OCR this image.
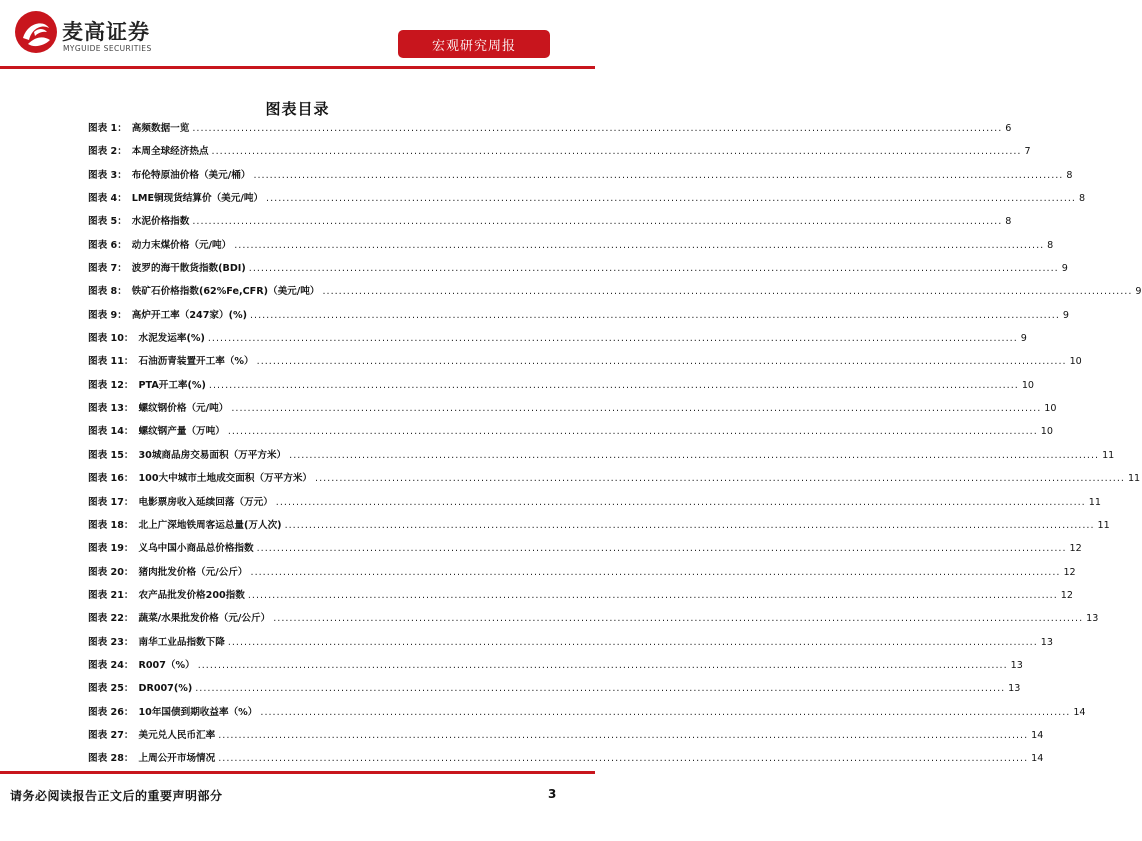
麦高证券
MYGUIDE SECURITIES	宏观研究周报
图表目录
图表 1： 高频数据一览 ........................................................................................................................................................................................................ 6
图表 2： 本周全球经济热点 ........................................................................................................................................................................................................ 7
图表 3： 布伦特原油价格（美元/桶） ........................................................................................................................................................................................................ 8
图表 4： LME铜现货结算价（美元/吨） ........................................................................................................................................................................................................ 8
图表 5： 水泥价格指数 ........................................................................................................................................................................................................ 8
图表 6： 动力末煤价格（元/吨） ........................................................................................................................................................................................................ 8
图表 7： 波罗的海干散货指数(BDI) ........................................................................................................................................................................................................ 9
图表 8： 铁矿石价格指数(62%Fe,CFR)（美元/吨） ........................................................................................................................................................................................................ 9
图表 9： 高炉开工率（247家）(%) ........................................................................................................................................................................................................ 9
图表 10： 水泥发运率(%) ........................................................................................................................................................................................................ 9
图表 11： 石油沥青装置开工率（%） ........................................................................................................................................................................................................ 10
图表 12： PTA开工率(%) ........................................................................................................................................................................................................ 10
图表 13： 螺纹钢价格（元/吨） ........................................................................................................................................................................................................ 10
图表 14： 螺纹钢产量（万吨） ........................................................................................................................................................................................................ 10
图表 15： 30城商品房交易面积（万平方米） ........................................................................................................................................................................................................ 11
图表 16： 100大中城市土地成交面积（万平方米） ........................................................................................................................................................................................................ 11
图表 17： 电影票房收入延续回落（万元） ........................................................................................................................................................................................................ 11
图表 18： 北上广深地铁周客运总量(万人次) ........................................................................................................................................................................................................ 11
图表 19： 义乌中国小商品总价格指数 ........................................................................................................................................................................................................ 12
图表 20： 猪肉批发价格（元/公斤） ........................................................................................................................................................................................................ 12
图表 21： 农产品批发价格200指数 ........................................................................................................................................................................................................ 12
图表 22： 蔬菜/水果批发价格（元/公斤） ........................................................................................................................................................................................................ 13
图表 23： 南华工业品指数下降 ........................................................................................................................................................................................................ 13
图表 24： R007（%） ........................................................................................................................................................................................................ 13
图表 25： DR007(%) ........................................................................................................................................................................................................ 13
图表 26： 10年国债到期收益率（%） ........................................................................................................................................................................................................ 14
图表 27： 美元兑人民币汇率 ........................................................................................................................................................................................................ 14
图表 28： 上周公开市场情况 ........................................................................................................................................................................................................ 14
请务必阅读报告正文后的重要声明部分	3
